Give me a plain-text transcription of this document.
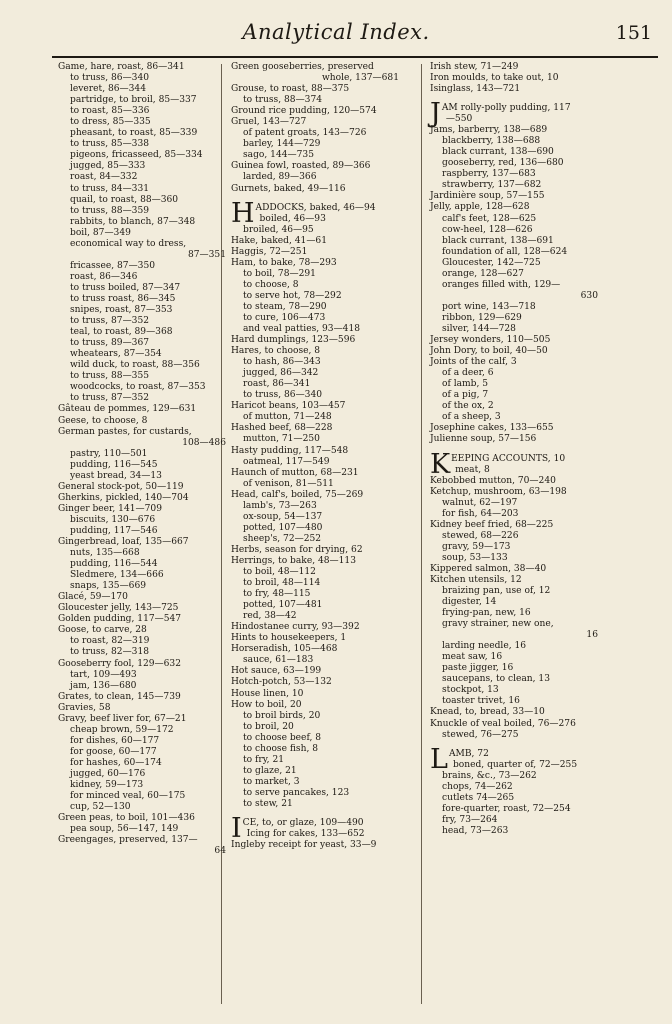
Analytical Index.	151
Game, hare, roast, 86—341
to truss, 86—340
leveret, 86—344
partridge, to broil, 85—337
to roast, 85—336
to dress, 85—335
pheasant, to roast, 85—339
to truss, 85—338
pigeons, fricasseed, 85—334
jugged, 85—333
roast, 84—332
to truss, 84—331
quail, to roast, 88—360
to truss, 88—359
rabbits, to blanch, 87—348
boil, 87—349
economical way to dress,
87—351
fricassee, 87—350
roast, 86—346
to truss boiled, 87—347
to truss roast, 86—345
snipes, roast, 87—353
to truss, 87—352
teal, to roast, 89—368
to truss, 89—367
wheatears, 87—354
wild duck, to roast, 88—356
to truss, 88—355
woodcocks, to roast, 87—353
to truss, 87—352
Gâteau de pommes, 129—631
Geese, to choose, 8
German pastes, for custards,
108—486
pastry, 110—501
pudding, 116—545
yeast bread, 34—13
General stock-pot, 50—119
Gherkins, pickled, 140—704
Ginger beer, 141—709
biscuits, 130—676
pudding, 117—546
Gingerbread, loaf, 135—667
nuts, 135—668
pudding, 116—544
Sledmere, 134—666
snaps, 135—669
Glacé, 59—170
Gloucester jelly, 143—725
Golden pudding, 117—547
Goose, to carve, 28
to roast, 82—319
to truss, 82—318
Gooseberry fool, 129—632
tart, 109—493
jam, 136—680
Grates, to clean, 145—739
Gravies, 58
Gravy, beef liver for, 67—21
cheap brown, 59—172
for dishes, 60—177
for goose, 60—177
for hashes, 60—174
jugged, 60—176
kidney, 59—173
for minced veal, 60—175
cup, 52—130
Green peas, to boil, 101—436
pea soup, 56—147, 149
Greengages, preserved, 137—
64
Green gooseberries, preserved
whole, 137—681
Grouse, to roast, 88—375
to truss, 88—374
Ground rice pudding, 120—574
Gruel, 143—727
of patent groats, 143—726
barley, 144—729
sago, 144—735
Guinea fowl, roasted, 89—366
larded, 89—366
Gurnets, baked, 49—116
H ADDOCKS, baked, 46—94
boiled, 46—93
broiled, 46—95
Hake, baked, 41—61
Haggis, 72—251
Ham, to bake, 78—293
to boil, 78—291
to choose, 8
to serve hot, 78—292
to steam, 78—290
to cure, 106—473
and veal patties, 93—418
Hard dumplings, 123—596
Hares, to choose, 8
to hash, 86—343
jugged, 86—342
roast, 86—341
to truss, 86—340
Haricot beans, 103—457
of mutton, 71—248
Hashed beef, 68—228
mutton, 71—250
Hasty pudding, 117—548
oatmeal, 117—549
Haunch of mutton, 68—231
of venison, 81—511
Head, calf's, boiled, 75—269
lamb's, 73—263
ox-soup, 54—137
potted, 107—480
sheep's, 72—252
Herbs, season for drying, 62
Herrings, to bake, 48—113
to boil, 48—112
to broil, 48—114
to fry, 48—115
potted, 107—481
red, 38—42
Hindostanee curry, 93—392
Hints to housekeepers, 1
Horseradish, 105—468
sauce, 61—183
Hot sauce, 63—199
Hotch-potch, 53—132
House linen, 10
How to boil, 20
to broil birds, 20
to broil, 20
to choose beef, 8
to choose fish, 8
to fry, 21
to glaze, 21
to market, 3
to serve pancakes, 123
to stew, 21
I CE, to, or glaze, 109—490
Icing for cakes, 133—652
Ingleby receipt for yeast, 33—9
Irish stew, 71—249
Iron moulds, to take out, 10
Isinglass, 143—721
J AM rolly-polly pudding, 117
—550
Jams, barberry, 138—689
blackberry, 138—688
black currant, 138—690
gooseberry, red, 136—680
raspberry, 137—683
strawberry, 137—682
Jardinière soup, 57—155
Jelly, apple, 128—628
calf's feet, 128—625
cow-heel, 128—626
black currant, 138—691
foundation of all, 128—624
Gloucester, 142—725
orange, 128—627
oranges filled with, 129—
630
port wine, 143—718
ribbon, 129—629
silver, 144—728
Jersey wonders, 110—505
John Dory, to boil, 40—50
Joints of the calf, 3
of a deer, 6
of lamb, 5
of a pig, 7
of the ox, 2
of a sheep, 3
Josephine cakes, 133—655
Julienne soup, 57—156
K EEPING ACCOUNTS, 10
meat, 8
Kebobbed mutton, 70—240
Ketchup, mushroom, 63—198
walnut, 62—197
for fish, 64—203
Kidney beef fried, 68—225
stewed, 68—226
gravy, 59—173
soup, 53—133
Kippered salmon, 38—40
Kitchen utensils, 12
braizing pan, use of, 12
digester, 14
frying-pan, new, 16
gravy strainer, new one,
16
larding needle, 16
meat saw, 16
paste jigger, 16
saucepans, to clean, 13
stockpot, 13
toaster trivet, 16
Knead, to, bread, 33—10
Knuckle of veal boiled, 76—276
stewed, 76—275
L AMB, 72
boned, quarter of, 72—255
brains, &c., 73—262
chops, 74—262
cutlets 74—265
fore-quarter, roast, 72—254
fry, 73—264
head, 73—263
